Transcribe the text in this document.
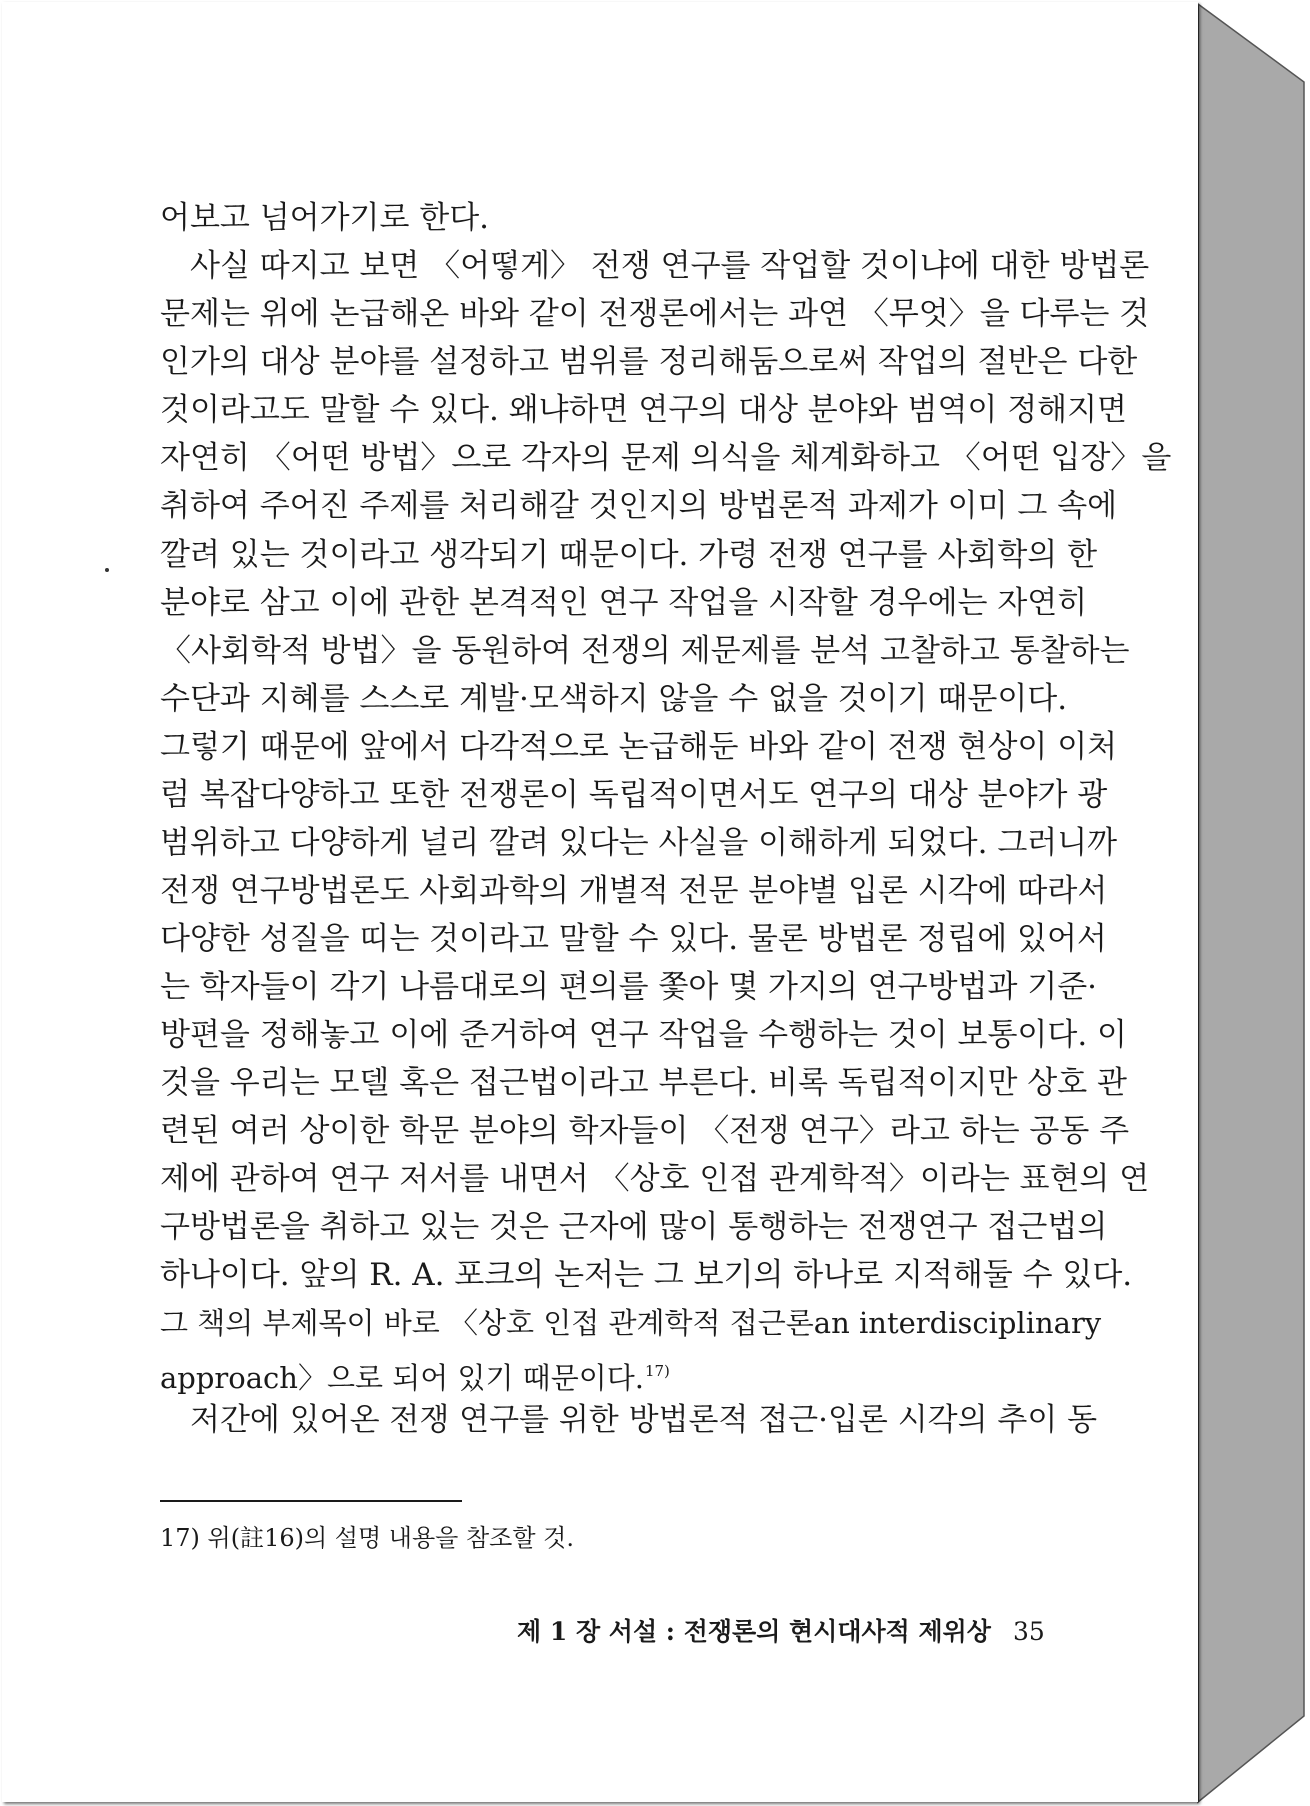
어보고 넘어가기로 한다.
사실 따지고 보면 〈어떻게〉 전쟁 연구를 작업할 것이냐에 대한 방법론
문제는 위에 논급해온 바와 같이 전쟁론에서는 과연 〈무엇〉을 다루는 것
인가의 대상 분야를 설정하고 범위를 정리해둠으로써 작업의 절반은 다한
것이라고도 말할 수 있다. 왜냐하면 연구의 대상 분야와 범역이 정해지면
자연히 〈어떤 방법〉으로 각자의 문제 의식을 체계화하고 〈어떤 입장〉을
취하여 주어진 주제를 처리해갈 것인지의 방법론적 과제가 이미 그 속에
깔려 있는 것이라고 생각되기 때문이다. 가령 전쟁 연구를 사회학의 한
분야로 삼고 이에 관한 본격적인 연구 작업을 시작할 경우에는 자연히
〈사회학적 방법〉을 동원하여 전쟁의 제문제를 분석 고찰하고 통찰하는
수단과 지혜를 스스로 계발·모색하지 않을 수 없을 것이기 때문이다.
그렇기 때문에 앞에서 다각적으로 논급해둔 바와 같이 전쟁 현상이 이처
럼 복잡다양하고 또한 전쟁론이 독립적이면서도 연구의 대상 분야가 광
범위하고 다양하게 널리 깔려 있다는 사실을 이해하게 되었다. 그러니까
전쟁 연구방법론도 사회과학의 개별적 전문 분야별 입론 시각에 따라서
다양한 성질을 띠는 것이라고 말할 수 있다. 물론 방법론 정립에 있어서
는 학자들이 각기 나름대로의 편의를 쫓아 몇 가지의 연구방법과 기준·
방편을 정해놓고 이에 준거하여 연구 작업을 수행하는 것이 보통이다. 이
것을 우리는 모델 혹은 접근법이라고 부른다. 비록 독립적이지만 상호 관
련된 여러 상이한 학문 분야의 학자들이 〈전쟁 연구〉라고 하는 공동 주
제에 관하여 연구 저서를 내면서 〈상호 인접 관계학적〉이라는 표현의 연
구방법론을 취하고 있는 것은 근자에 많이 통행하는 전쟁연구 접근법의
하나이다. 앞의 R. A. 포크의 논저는 그 보기의 하나로 지적해둘 수 있다.
그 책의 부제목이 바로 〈상호 인접 관계학적 접근론an interdisciplinary
approach〉으로 되어 있기 때문이다.$^{17)}$
저간에 있어온 전쟁 연구를 위한 방법론적 접근·입론 시각의 추이 동
17) 위(註16)의 설명 내용을 참조할 것.
제 1 장 서설 : 전쟁론의 현시대사적 제위상 35
